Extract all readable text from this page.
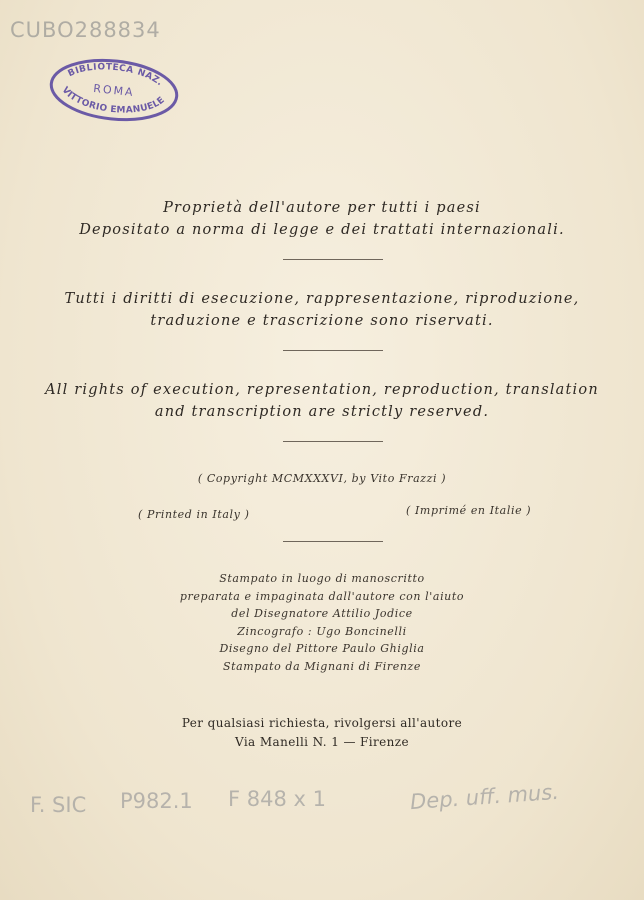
CUBO288834
BIBLIOTECA NAZ.
ROMA
VITTORIO EMANUELE
Proprietà dell'autore per tutti i paesi
Depositato a norma di legge e dei trattati internazionali.
Tutti i diritti di esecuzione, rappresentazione, riproduzione,
traduzione e trascrizione sono riservati.
All rights of execution, representation, reproduction, translation
and transcription are strictly reserved.
( Copyright MCMXXXVI, by Vito Frazzi )
( Printed in Italy )	( Imprimé en Italie )
Stampato in luogo di manoscritto
preparata e impaginata dall'autore con l'aiuto
del Disegnatore Attilio Jodice
Zincografo : Ugo Boncinelli
Disegno del Pittore Paulo Ghiglia
Stampato da Mignani di Firenze
Per qualsiasi richiesta, rivolgersi all'autore
Via Manelli N. 1 — Firenze
F. SIC P982.1 F 848 x 1	Dep. uff. mus.
